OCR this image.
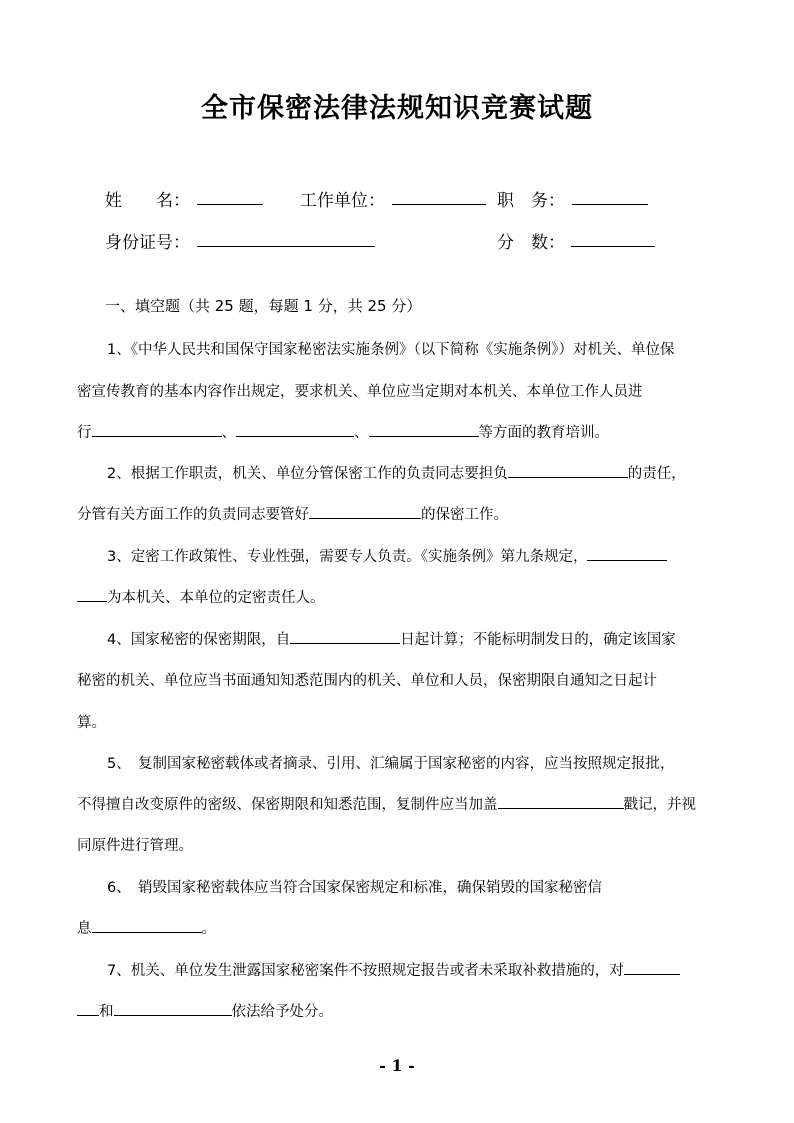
全市保密法律法规知识竞赛试题
姓　　名：	工作单位：	职　务：
身份证号：	分　数：
一、填空题（共 25 题，每题 1 分，共 25 分）
1、《中华人民共和国保守国家秘密法实施条例》（以下简称《实施条例》）对机关、单位保
密宣传教育的基本内容作出规定，要求机关、单位应当定期对本机关、本单位工作人员进
行	、	、	等方面的教育培训。
2、根据工作职责，机关、单位分管保密工作的负责同志要担负	的责任，
分管有关方面工作的负责同志要管好	的保密工作。
3、定密工作政策性、专业性强，需要专人负责。《实施条例》第九条规定，
为本机关、本单位的定密责任人。
4、国家秘密的保密期限，自	日起计算；不能标明制发日的，确定该国家
秘密的机关、单位应当书面通知知悉范围内的机关、单位和人员，保密期限自通知之日起计
算。
5、　复制国家秘密载体或者摘录、引用、汇编属于国家秘密的内容，应当按照规定报批，
不得擅自改变原件的密级、保密期限和知悉范围，复制件应当加盖	戳记，并视
同原件进行管理。
6、　销毁国家秘密载体应当符合国家保密规定和标准，确保销毁的国家秘密信
息	。
7、机关、单位发生泄露国家秘密案件不按照规定报告或者未采取补救措施的，对
和	依法给予处分。
- 1 -
